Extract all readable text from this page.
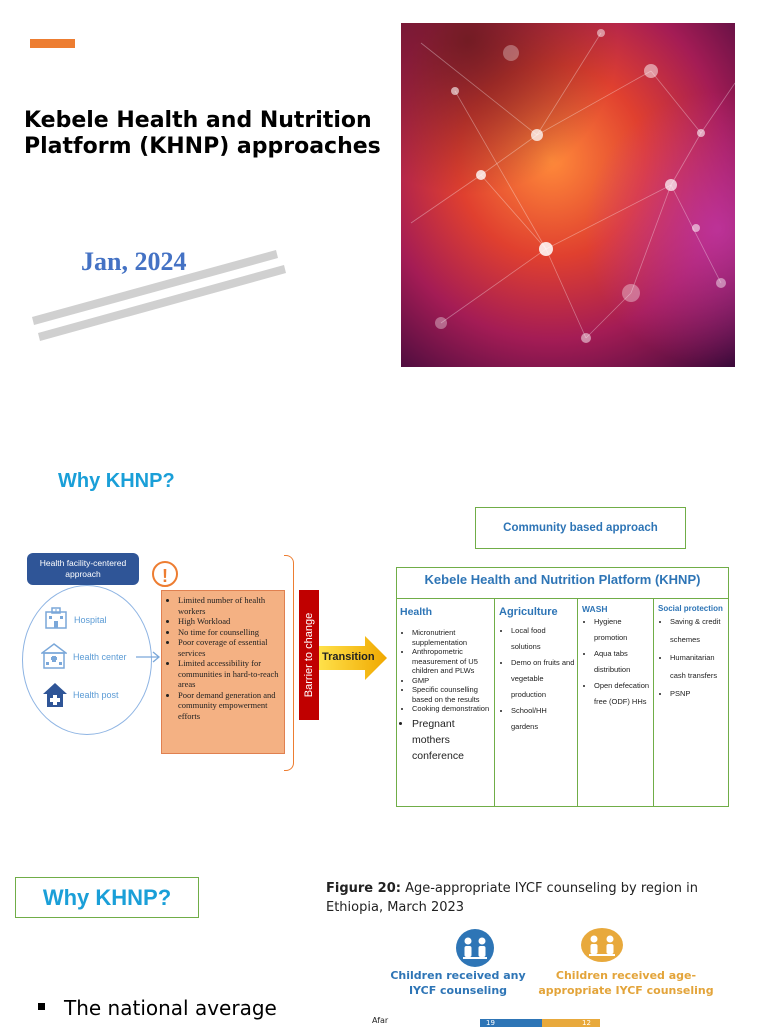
Kebele Health and Nutrition Platform (KHNP) approaches
Jan, 2024
Why KHNP?
Health facility-centered approach
Hospital
Health center
Health post
!
• Limited number of health workers
• High Workload
• No time for counselling
• Poor coverage of essential services
• Limited accessibility for communities in hard-to-reach areas
• Poor demand generation and community empowerment efforts
Barrier to change Transition
Community based approach
Kebele Health and Nutrition Platform (KHNP)
Health
• Micronutrient supplementation
• Anthropometric measurement of U5 children and PLWs
• GMP
• Specific counselling based on the results
• Cooking demonstration
• Pregnant mothers conference
Agriculture
• Local food solutions
• Demo on fruits and vegetable production
• School/HH gardens
WASH
• Hygiene promotion
• Aqua tabs distribution
• Open defecation free (ODF) HHs
Social protection
• Saving & credit schemes
• Humanitarian cash transfers
• PSNP
Why KHNP?
The national average
Figure 20: Age-appropriate IYCF counseling by region in Ethiopia, March 2023
Children received any IYCF counseling
Children received age-appropriate IYCF counseling
Afar	19	12
